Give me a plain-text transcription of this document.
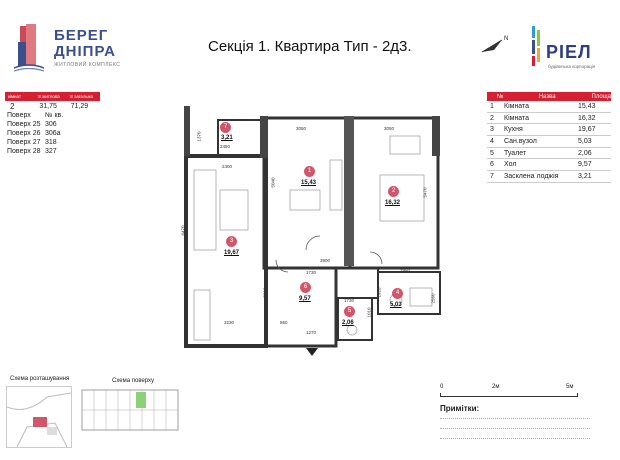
БЕРЕГ
ДНІПРА
ЖИТЛОВИЙ КОМПЛЕКС
Секція 1. Квартира Тип - 2д3.	N
РІЕЛ
будівельна корпорація
кімнат	S житлова	S загальна
2	31,75	71,29
Поверх	№ кв.
Поверх 25 306
Поверх 26 306а
Поверх 27 318
Поверх 28 327
№	Назва	Площа
1	Кімната	15,43
2	Кімната	16,32
3	Кухня	19,67
4	Сан.вузол	5,03
5	Туалет	2,06
6	Хол	9,57
7	Засклена лоджія	3,21
7
3,21
1
15,43
2
16,32
3
19,67
6
9,57
4
5,03
5
2,06
3050	3050
2450
2400
5040
5470
3900
2910
3230	860
1270
1730
1950
2560
1920
1730
1010
1370
6470
Схема розташування	Схема поверху
0	2м	5м
Примітки:
